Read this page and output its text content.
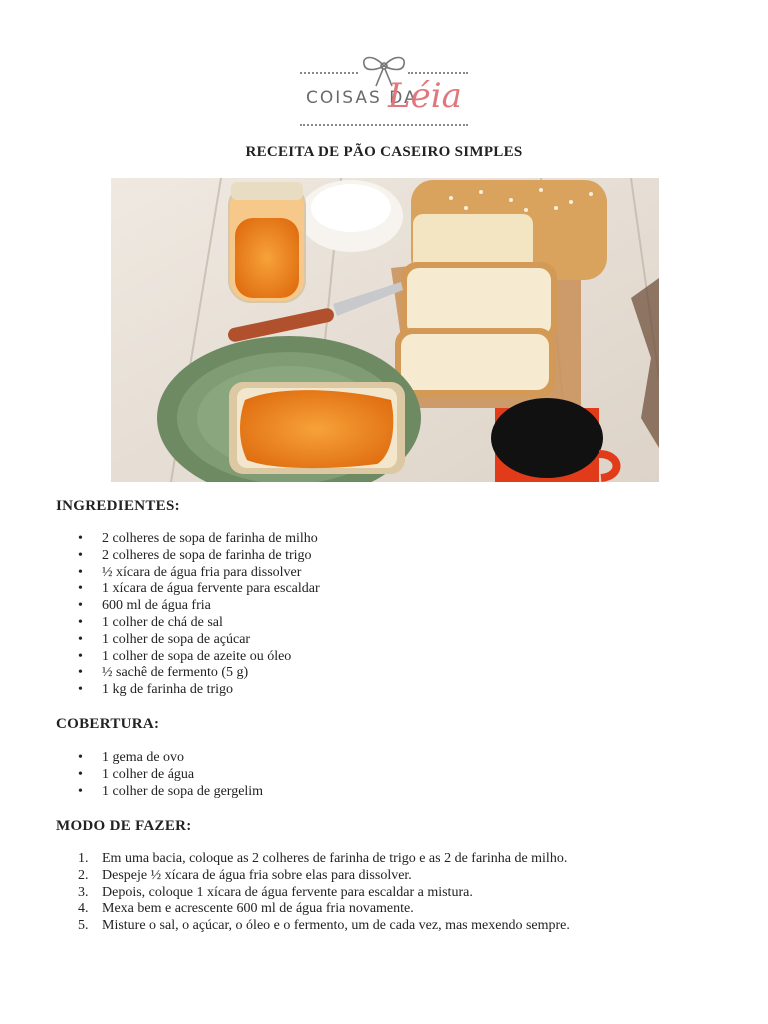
COISAS DA
Léia
RECEITA DE PÃO CASEIRO SIMPLES
INGREDIENTES:
• 2 colheres de sopa de farinha de milho
• 2 colheres de sopa de farinha de trigo
• ½ xícara de água fria para dissolver
• 1 xícara de água fervente para escaldar
• 600 ml de água fria
• 1 colher de chá de sal
• 1 colher de sopa de açúcar
• 1 colher de sopa de azeite ou óleo
• ½ sachê de fermento (5 g)
• 1 kg de farinha de trigo
COBERTURA:
• 1 gema de ovo
• 1 colher de água
• 1 colher de sopa de gergelim
MODO DE FAZER:
1. Em uma bacia, coloque as 2 colheres de farinha de trigo e as 2 de farinha de milho.
2. Despeje ½ xícara de água fria sobre elas para dissolver.
3. Depois, coloque 1 xícara de água fervente para escaldar a mistura.
4. Mexa bem e acrescente 600 ml de água fria novamente.
5. Misture o sal, o açúcar, o óleo e o fermento, um de cada vez, mas mexendo sempre.
